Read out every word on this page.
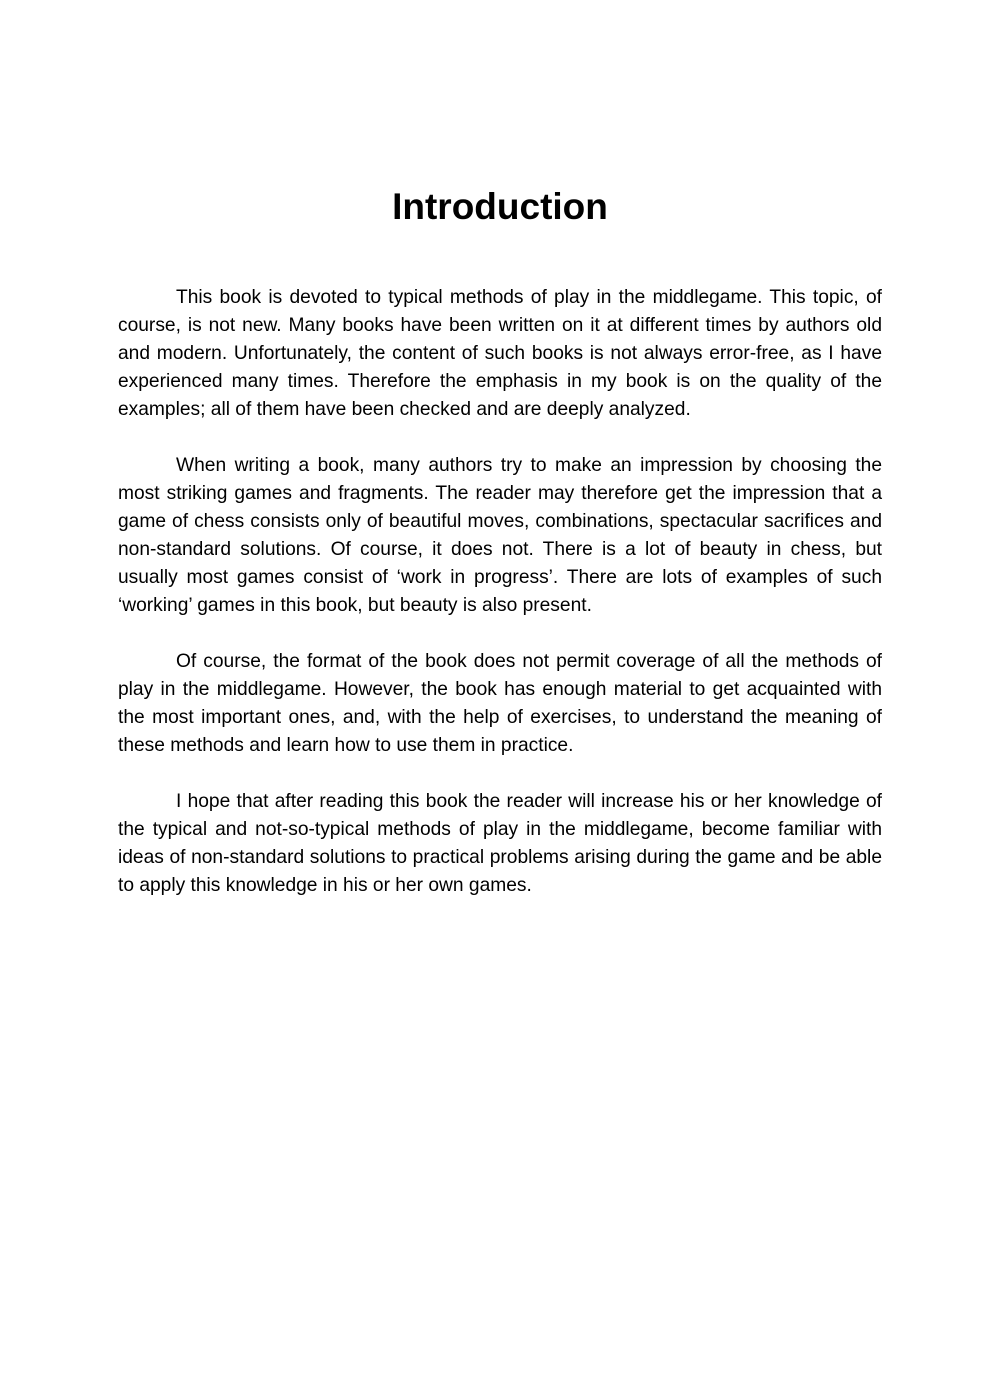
Introduction

This book is devoted to typical methods of play in the middlegame. This topic, of course, is not new. Many books have been written on it at different times by authors old and modern. Unfortunately, the content of such books is not always error-free, as I have experienced many times. Therefore the emphasis in my book is on the quality of the examples; all of them have been checked and are deeply analyzed.

When writing a book, many authors try to make an impression by choosing the most striking games and fragments. The reader may therefore get the impression that a game of chess consists only of beautiful moves, combinations, spectacular sacrifices and non-standard solutions. Of course, it does not. There is a lot of beauty in chess, but usually most games consist of ‘work in progress’. There are lots of examples of such ‘working’ games in this book, but beauty is also present.

Of course, the format of the book does not permit coverage of all the methods of play in the middlegame. However, the book has enough material to get acquainted with the most important ones, and, with the help of exercises, to understand the meaning of these methods and learn how to use them in practice.

I hope that after reading this book the reader will increase his or her knowledge of the typical and not-so-typical methods of play in the middlegame, become familiar with ideas of non-standard solutions to practical problems arising during the game and be able to apply this knowledge in his or her own games.
